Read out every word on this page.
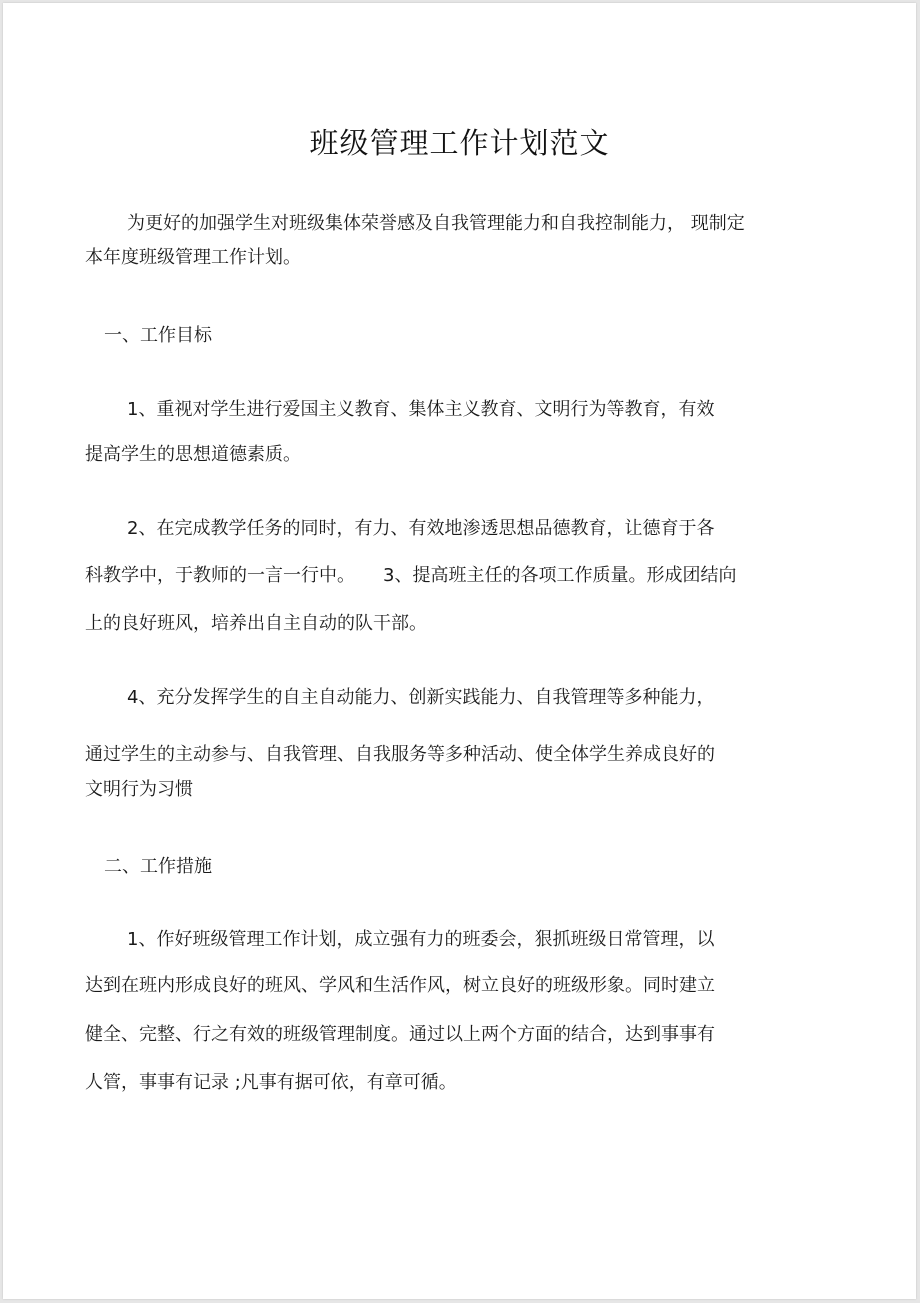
班级管理工作计划范文
为更好的加强学生对班级集体荣誉感及自我管理能力和自我控制能力， 现制定
本年度班级管理工作计划。
一、工作目标
1、重视对学生进行爱国主义教育、集体主义教育、文明行为等教育，有效
提高学生的思想道德素质。
2、在完成教学任务的同时，有力、有效地渗透思想品德教育，让德育于各
科教学中，于教师的一言一行中。 3、提高班主任的各项工作质量。形成团结向
上的良好班风，培养出自主自动的队干部。
4、充分发挥学生的自主自动能力、创新实践能力、自我管理等多种能力，
通过学生的主动参与、自我管理、自我服务等多种活动、使全体学生养成良好的
文明行为习惯
二、工作措施
1、作好班级管理工作计划，成立强有力的班委会，狠抓班级日常管理，以
达到在班内形成良好的班风、学风和生活作风，树立良好的班级形象。同时建立
健全、完整、行之有效的班级管理制度。通过以上两个方面的结合，达到事事有
人管，事事有记录 ;凡事有据可依，有章可循。
